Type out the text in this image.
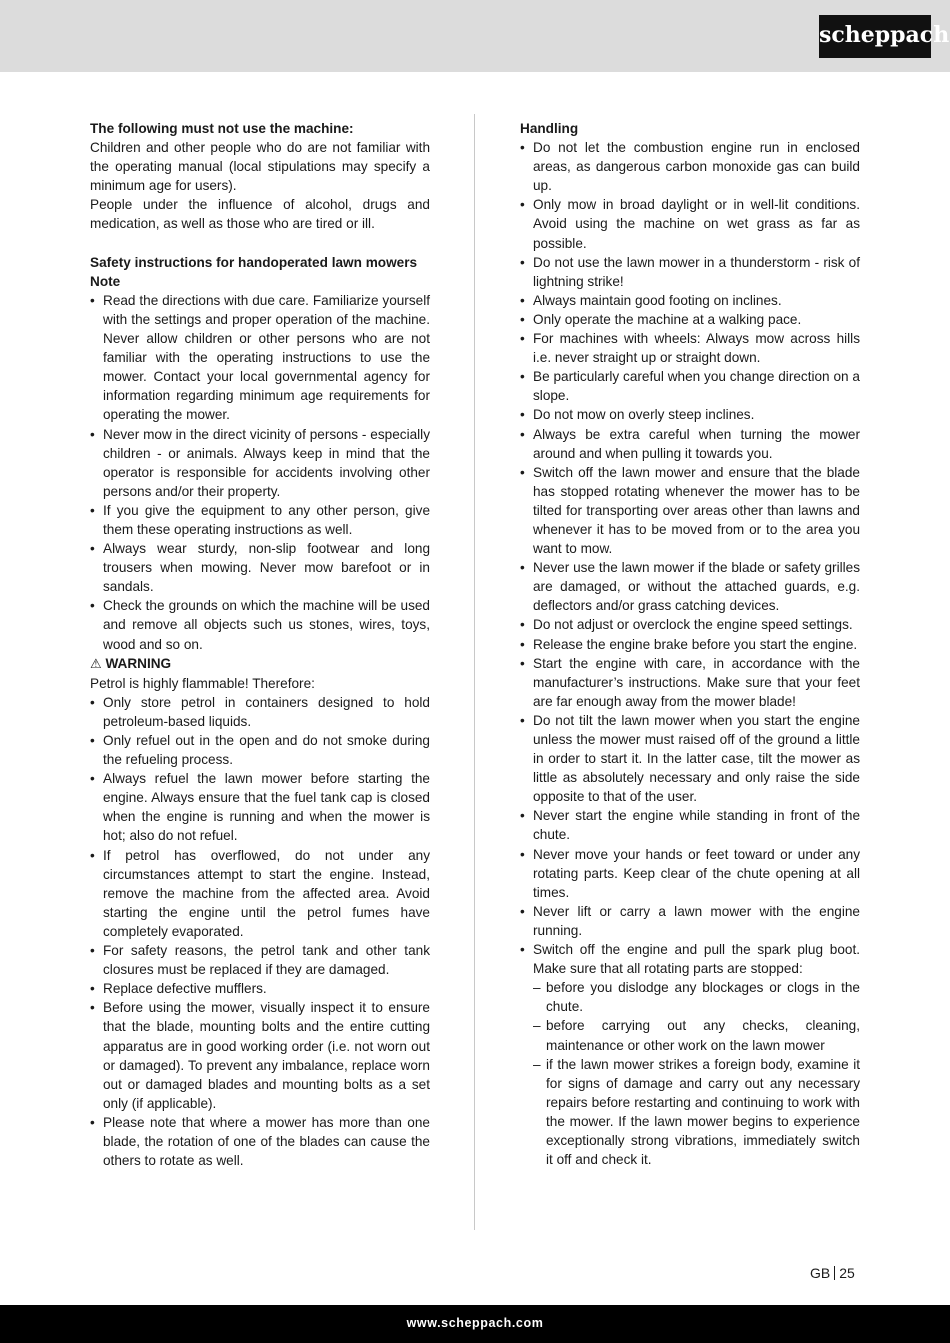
scheppach
The following must not use the machine:
Children and other people who do are not familiar with the operating manual (local stipulations may specify a minimum age for users).
People under the influence of alcohol, drugs and medication, as well as those who are tired or ill.
Safety instructions for handoperated lawn mowers
Note
• Read the directions with due care. Familiarize yourself with the settings and proper operation of the machine. Never allow children or other persons who are not familiar with the operating instructions to use the mower. Contact your local governmental agency for information regarding minimum age requirements for operating the mower.
• Never mow in the direct vicinity of persons - especially children - or animals. Always keep in mind that the operator is responsible for accidents involving other persons and/or their property.
• If you give the equipment to any other person, give them these operating instructions as well.
• Always wear sturdy, non-slip footwear and long trousers when mowing. Never mow barefoot or in sandals.
• Check the grounds on which the machine will be used and remove all objects such us stones, wires, toys, wood and so on.
⚠ WARNING
Petrol is highly flammable! Therefore:
• Only store petrol in containers designed to hold petroleum-based liquids.
• Only refuel out in the open and do not smoke during the refueling process.
• Always refuel the lawn mower before starting the engine. Always ensure that the fuel tank cap is closed when the engine is running and when the mower is hot; also do not refuel.
• If petrol has overflowed, do not under any circumstances attempt to start the engine. Instead, remove the machine from the affected area. Avoid starting the engine until the petrol fumes have completely evaporated.
• For safety reasons, the petrol tank and other tank closures must be replaced if they are damaged.
• Replace defective mufflers.
• Before using the mower, visually inspect it to ensure that the blade, mounting bolts and the entire cutting apparatus are in good working order (i.e. not worn out or damaged). To prevent any imbalance, replace worn out or damaged blades and mounting bolts as a set only (if applicable).
• Please note that where a mower has more than one blade, the rotation of one of the blades can cause the others to rotate as well.
Handling
• Do not let the combustion engine run in enclosed areas, as dangerous carbon monoxide gas can build up.
• Only mow in broad daylight or in well-lit conditions. Avoid using the machine on wet grass as far as possible.
• Do not use the lawn mower in a thunderstorm - risk of lightning strike!
• Always maintain good footing on inclines.
• Only operate the machine at a walking pace.
• For machines with wheels: Always mow across hills i.e. never straight up or straight down.
• Be particularly careful when you change direction on a slope.
• Do not mow on overly steep inclines.
• Always be extra careful when turning the mower around and when pulling it towards you.
• Switch off the lawn mower and ensure that the blade has stopped rotating whenever the mower has to be tilted for transporting over areas other than lawns and whenever it has to be moved from or to the area you want to mow.
• Never use the lawn mower if the blade or safety grilles are damaged, or without the attached guards, e.g. deflectors and/or grass catching devices.
• Do not adjust or overclock the engine speed settings.
• Release the engine brake before you start the engine.
• Start the engine with care, in accordance with the manufacturer’s instructions. Make sure that your feet are far enough away from the mower blade!
• Do not tilt the lawn mower when you start the engine unless the mower must raised off of the ground a little in order to start it. In the latter case, tilt the mower as little as absolutely necessary and only raise the side opposite to that of the user.
• Never start the engine while standing in front of the chute.
• Never move your hands or feet toward or under any rotating parts. Keep clear of the chute opening at all times.
• Never lift or carry a lawn mower with the engine running.
• Switch off the engine and pull the spark plug boot. Make sure that all rotating parts are stopped:
– before you dislodge any blockages or clogs in the chute.
– before carrying out any checks, cleaning, maintenance or other work on the lawn mower
– if the lawn mower strikes a foreign body, examine it for signs of damage and carry out any necessary repairs before restarting and continuing to work with the mower. If the lawn mower begins to experience exceptionally strong vibrations, immediately switch it off and check it.
GB 25
www.scheppach.com
